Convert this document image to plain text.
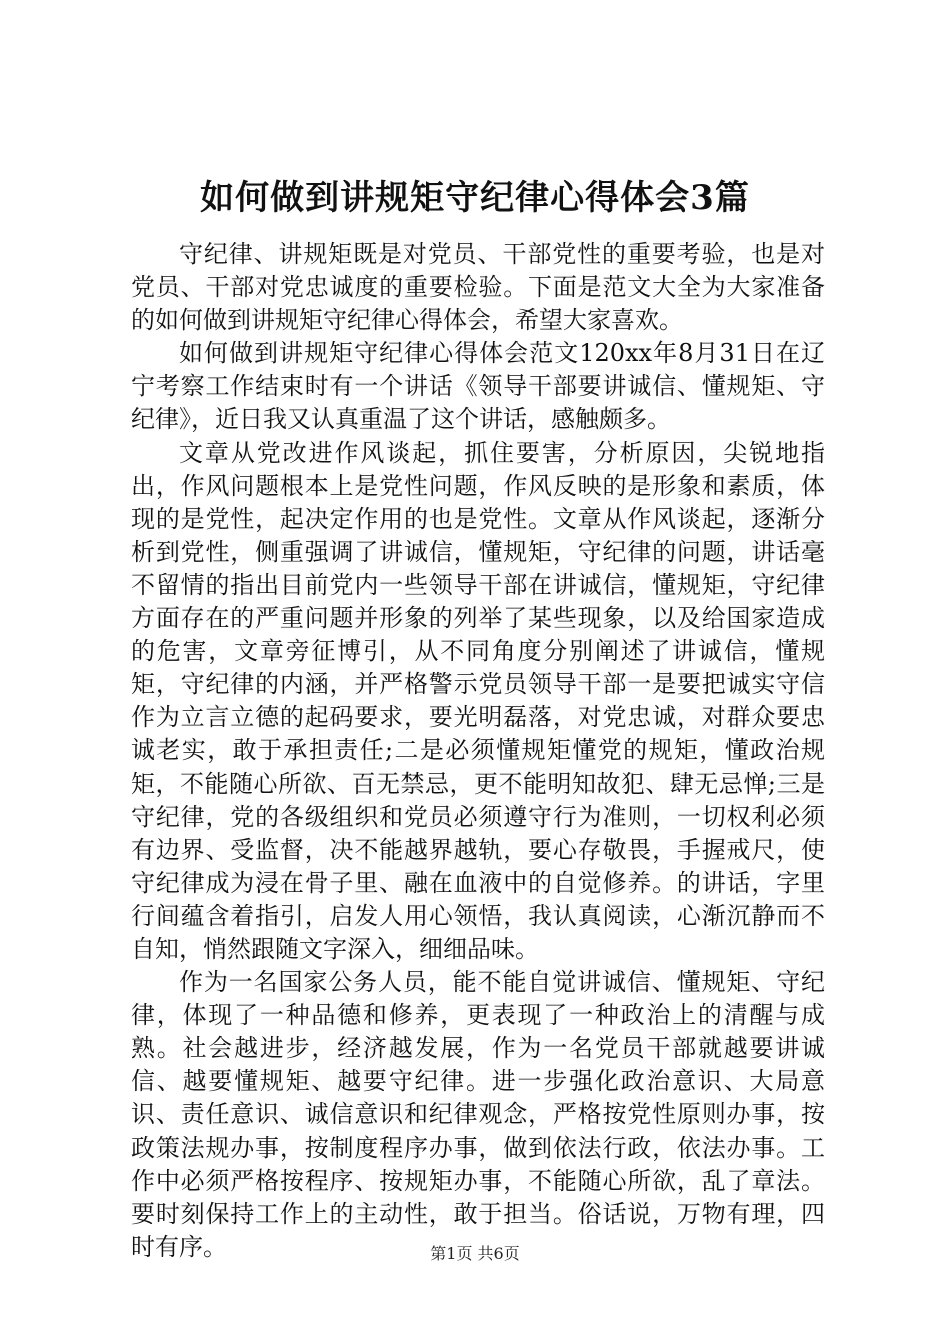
如何做到讲规矩守纪律心得体会3篇

守纪律、讲规矩既是对党员、干部党性的重要考验，也是对党员、干部对党忠诚度的重要检验。下面是范文大全为大家准备的如何做到讲规矩守纪律心得体会，希望大家喜欢。

如何做到讲规矩守纪律心得体会范文120xx年8月31日在辽宁考察工作结束时有一个讲话《领导干部要讲诚信、懂规矩、守纪律》，近日我又认真重温了这个讲话，感触颇多。

文章从党改进作风谈起，抓住要害，分析原因，尖锐地指出，作风问题根本上是党性问题，作风反映的是形象和素质，体现的是党性，起决定作用的也是党性。文章从作风谈起，逐渐分析到党性，侧重强调了讲诚信，懂规矩，守纪律的问题，讲话毫不留情的指出目前党内一些领导干部在讲诚信，懂规矩，守纪律方面存在的严重问题并形象的列举了某些现象，以及给国家造成的危害，文章旁征博引，从不同角度分别阐述了讲诚信，懂规矩，守纪律的内涵，并严格警示党员领导干部一是要把诚实守信作为立言立德的起码要求，要光明磊落，对党忠诚，对群众要忠诚老实，敢于承担责任;二是必须懂规矩懂党的规矩，懂政治规矩，不能随心所欲、百无禁忌，更不能明知故犯、肆无忌惮;三是守纪律，党的各级组织和党员必须遵守行为准则，一切权利必须有边界、受监督，决不能越界越轨，要心存敬畏，手握戒尺，使守纪律成为浸在骨子里、融在血液中的自觉修养。的讲话，字里行间蕴含着指引，启发人用心领悟，我认真阅读，心渐沉静而不自知，悄然跟随文字深入，细细品味。

作为一名国家公务人员，能不能自觉讲诚信、懂规矩、守纪律，体现了一种品德和修养，更表现了一种政治上的清醒与成熟。社会越进步，经济越发展，作为一名党员干部就越要讲诚信、越要懂规矩、越要守纪律。进一步强化政治意识、大局意识、责任意识、诚信意识和纪律观念，严格按党性原则办事，按政策法规办事，按制度程序办事，做到依法行政，依法办事。工作中必须严格按程序、按规矩办事，不能随心所欲，乱了章法。要时刻保持工作上的主动性，敢于担当。俗话说，万物有理，四时有序。	第1页 共6页
